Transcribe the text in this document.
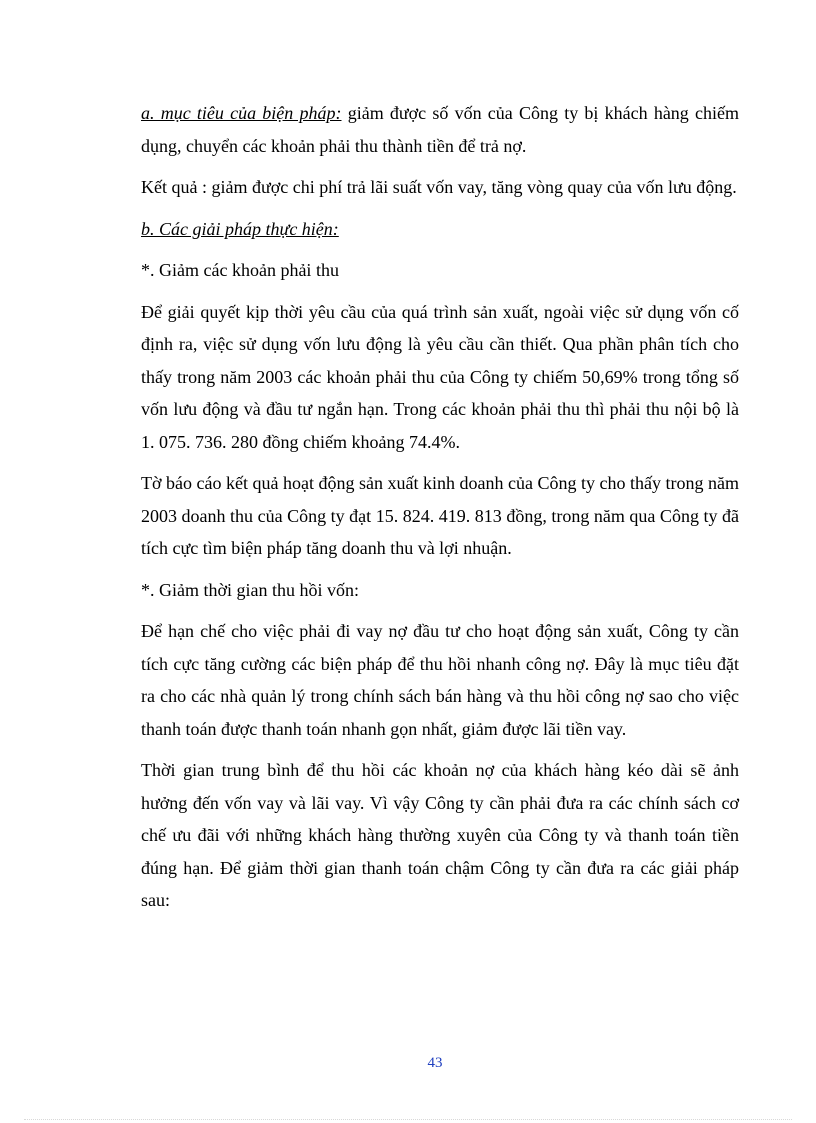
a. mục tiêu của biện pháp: giảm được số vốn của Công ty bị khách hàng chiếm dụng, chuyển các khoản phải thu thành tiền để trả nợ.

Kết quả : giảm được chi phí trả lãi suất vốn vay, tăng vòng quay của vốn lưu động.

b. Các giải pháp thực hiện:

*. Giảm các khoản phải thu

Để giải quyết kịp thời yêu cầu của quá trình sản xuất, ngoài việc sử dụng vốn cố định ra, việc sử dụng vốn lưu động là yêu cầu cần thiết. Qua phần phân tích cho thấy trong năm 2003 các khoản phải thu của Công ty chiếm 50,69% trong tổng số vốn lưu động và đầu tư ngắn hạn. Trong các khoản phải thu thì phải thu nội bộ là 1. 075. 736. 280 đồng chiếm khoảng 74.4%.

Tờ báo cáo kết quả hoạt động sản xuất kinh doanh của Công ty cho thấy trong năm 2003 doanh thu của Công ty đạt 15. 824. 419. 813 đồng, trong năm qua Công ty đã tích cực tìm biện pháp tăng doanh thu và lợi nhuận.

*. Giảm thời gian thu hồi vốn:

Để hạn chế cho việc phải đi vay nợ đầu tư cho hoạt động sản xuất, Công ty cần tích cực tăng cường các biện pháp để thu hồi nhanh công nợ. Đây là mục tiêu đặt ra cho các nhà quản lý trong chính sách bán hàng và thu hồi công nợ sao cho việc thanh toán được thanh toán nhanh gọn nhất, giảm được lãi tiền vay.

Thời gian trung bình để thu hồi các khoản nợ của khách hàng kéo dài sẽ ảnh hưởng đến vốn vay và lãi vay. Vì vậy Công ty cần phải đưa ra các chính sách cơ chế ưu đãi với những khách hàng thường xuyên của Công ty và thanh toán tiền đúng hạn. Để giảm thời gian thanh toán chậm Công ty cần đưa ra các giải pháp sau:

43
